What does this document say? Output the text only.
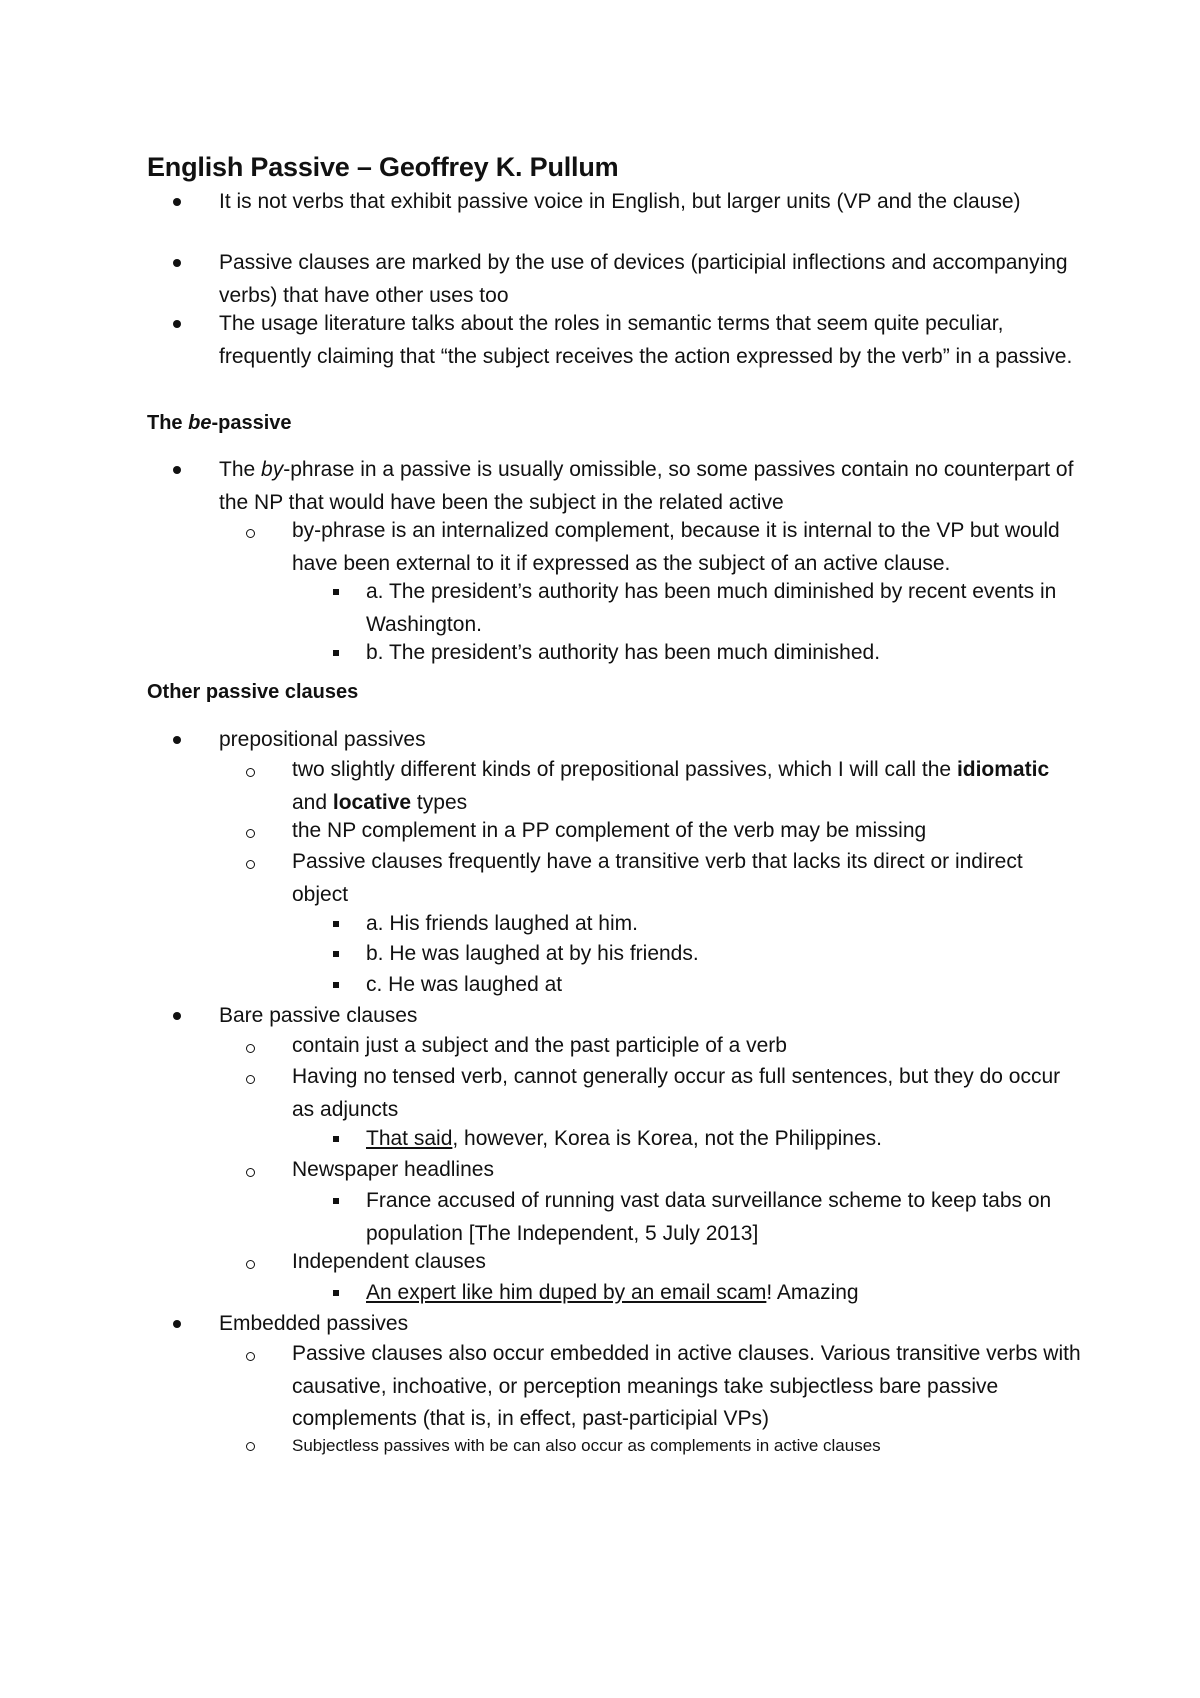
English Passive – Geoffrey K. Pullum

It is not verbs that exhibit passive voice in English, but larger units (VP and the clause)

Passive clauses are marked by the use of devices (participial inflections and accompanying verbs) that have other uses too

The usage literature talks about the roles in semantic terms that seem quite peculiar, frequently claiming that “the subject receives the action expressed by the verb” in a passive.

The be-passive

The by-phrase in a passive is usually omissible, so some passives contain no counterpart of the NP that would have been the subject in the related active

by-phrase is an internalized complement, because it is internal to the VP but would have been external to it if expressed as the subject of an active clause.

a. The president’s authority has been much diminished by recent events in Washington.

b. The president’s authority has been much diminished.

Other passive clauses

prepositional passives

two slightly different kinds of prepositional passives, which I will call the idiomatic and locative types

the NP complement in a PP complement of the verb may be missing

Passive clauses frequently have a transitive verb that lacks its direct or indirect object

a. His friends laughed at him.

b. He was laughed at by his friends.

c. He was laughed at

Bare passive clauses

contain just a subject and the past participle of a verb

Having no tensed verb, cannot generally occur as full sentences, but they do occur as adjuncts

That said, however, Korea is Korea, not the Philippines.

Newspaper headlines

France accused of running vast data surveillance scheme to keep tabs on population [The Independent, 5 July 2013]

Independent clauses

An expert like him duped by an email scam! Amazing

Embedded passives

Passive clauses also occur embedded in active clauses. Various transitive verbs with causative, inchoative, or perception meanings take subjectless bare passive complements (that is, in effect, past-participial VPs)

Subjectless passives with be can also occur as complements in active clauses
